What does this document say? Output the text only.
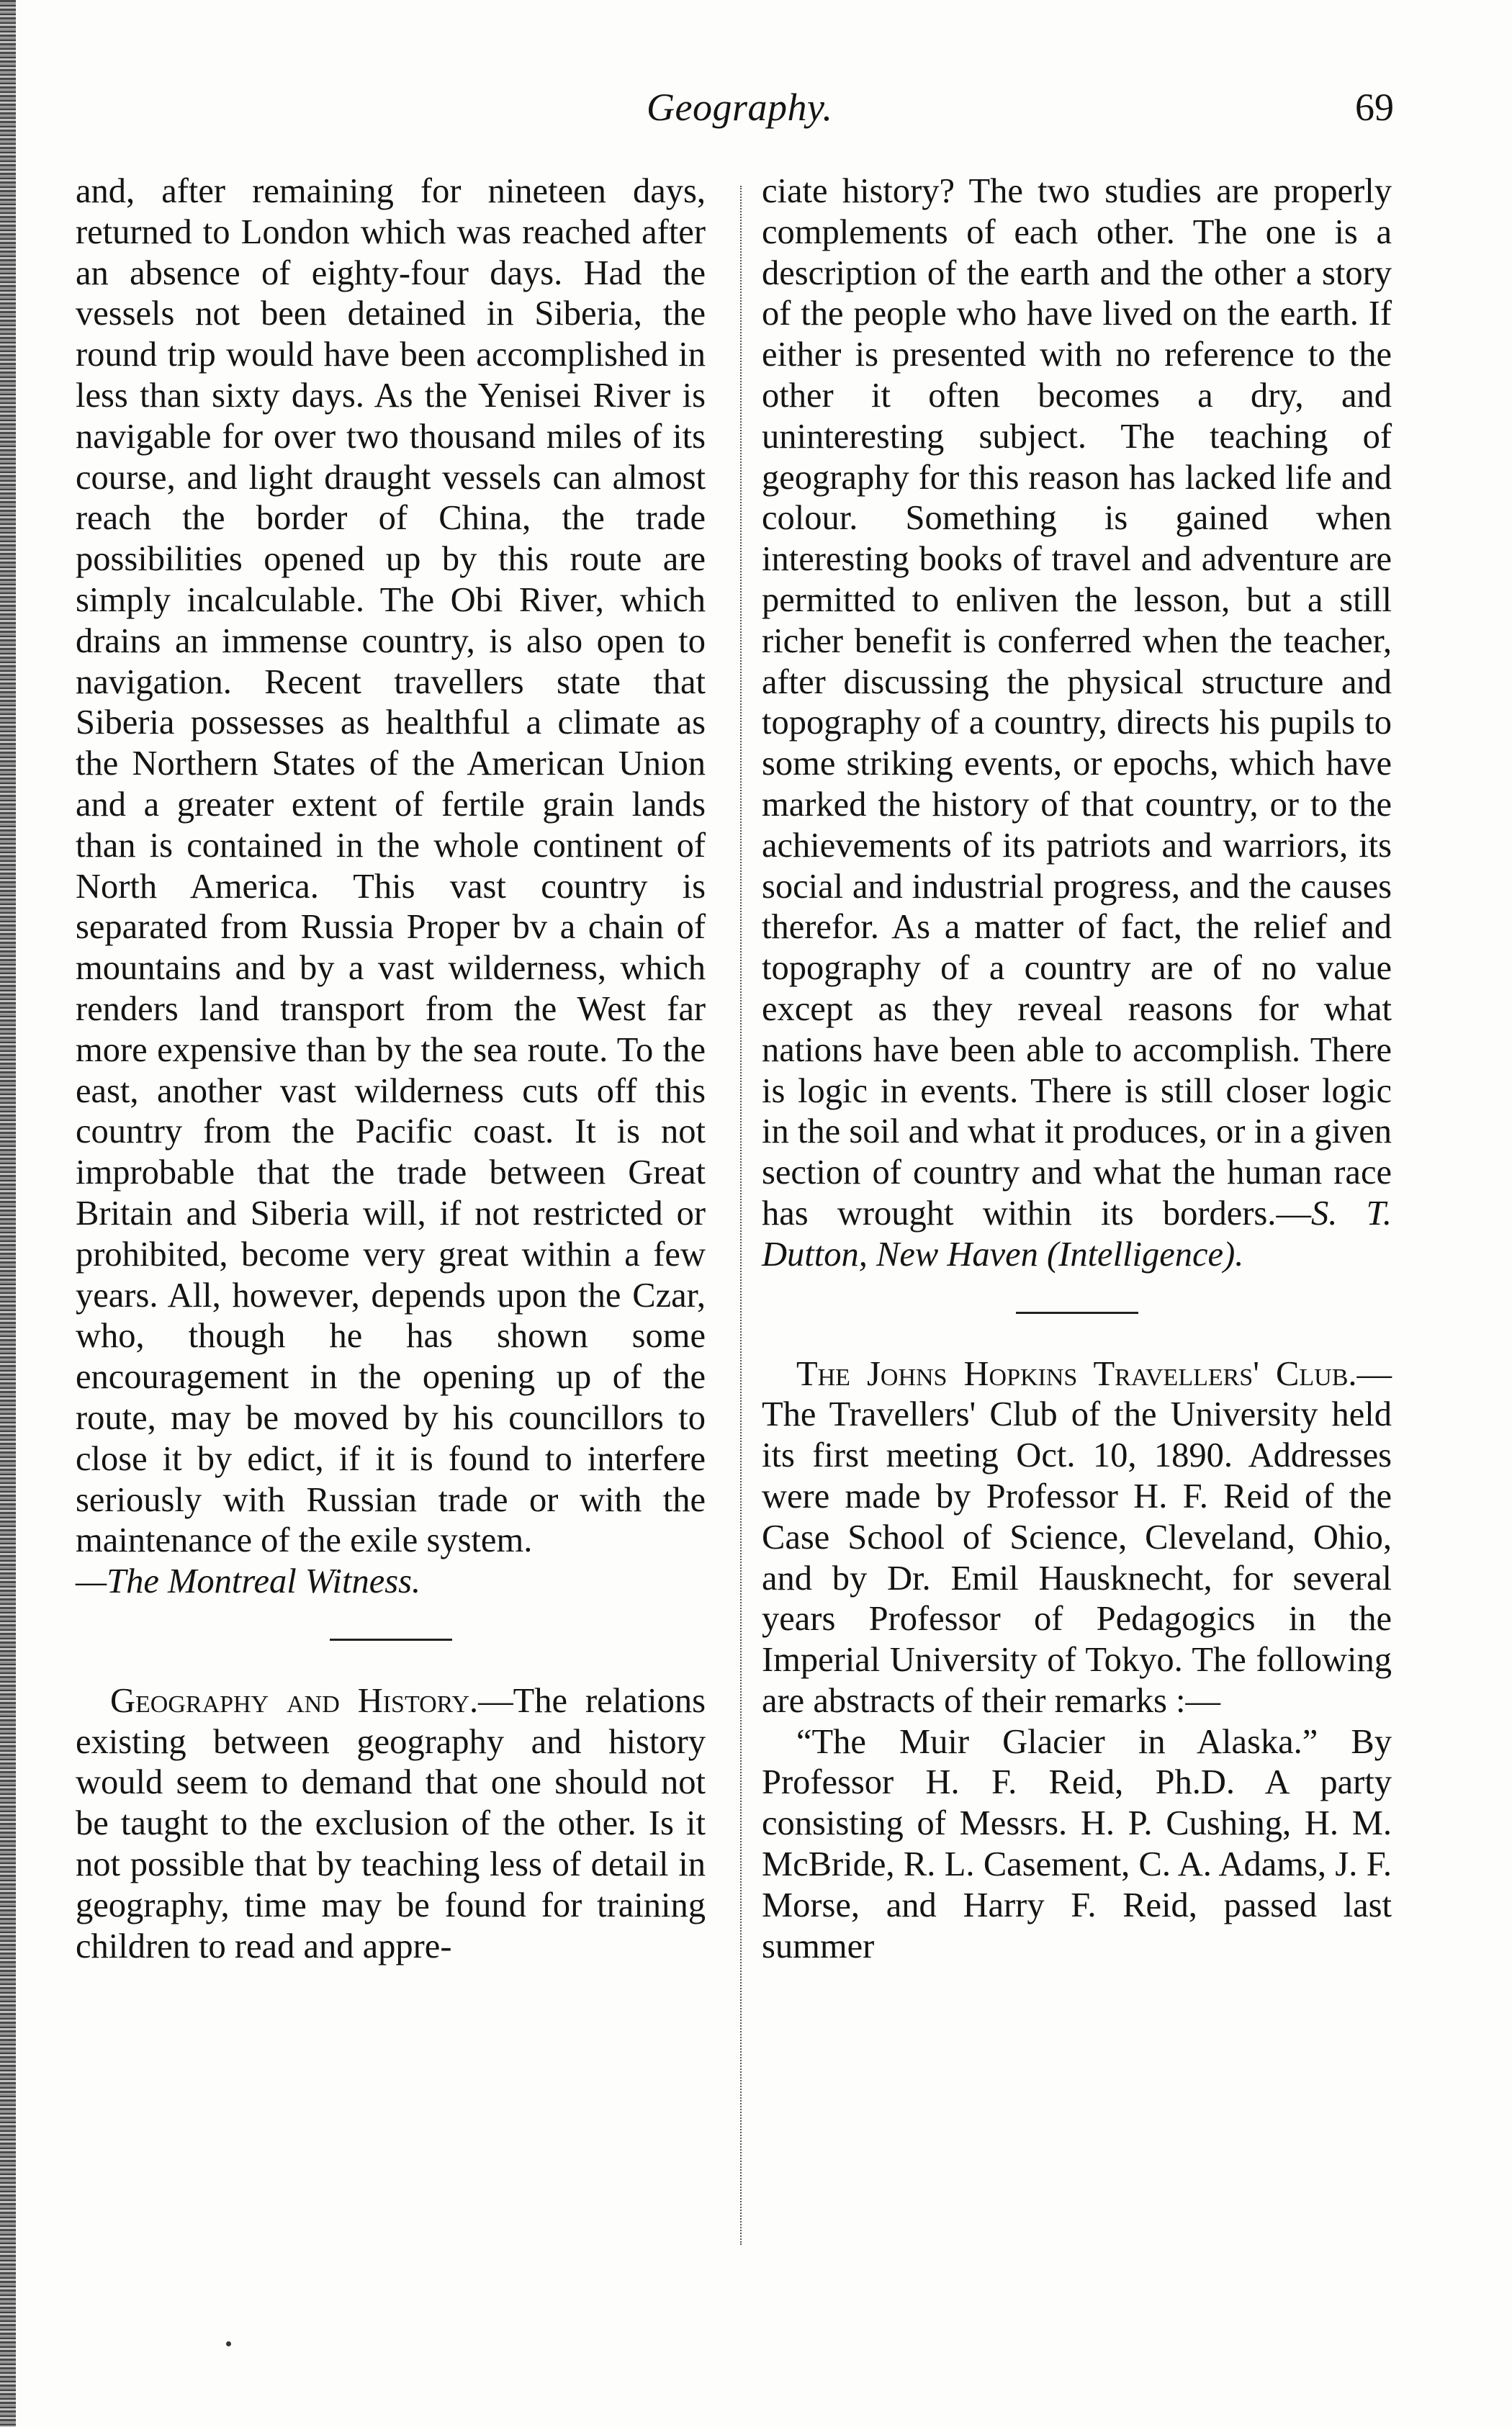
Geography.	69

and, after remaining for nineteen days, returned to London which was reached after an absence of eighty-four days. Had the vessels not been detained in Siberia, the round trip would have been accomplished in less than sixty days. As the Yenisei River is navigable for over two thousand miles of its course, and light draught vessels can almost reach the border of China, the trade possibilities opened up by this route are simply incalculable. The Obi River, which drains an immense country, is also open to navigation. Recent travellers state that Siberia possesses as healthful a climate as the Northern States of the American Union and a greater extent of fertile grain lands than is contained in the whole continent of North America. This vast country is separated from Russia Proper bv a chain of mountains and by a vast wilderness, which renders land transport from the West far more expensive than by the sea route. To the east, another vast wilderness cuts off this country from the Pacific coast. It is not improbable that the trade between Great Britain and Siberia will, if not restricted or prohibited, become very great within a few years. All, however, depends upon the Czar, who, though he has shown some encouragement in the opening up of the route, may be moved by his councillors to close it by edict, if it is found to interfere seriously with Russian trade or with the maintenance of the exile system.

—The Montreal Witness.

Geography and History.—The relations existing between geography and history would seem to demand that one should not be taught to the exclusion of the other. Is it not possible that by teaching less of detail in geography, time may be found for training children to read and appre-

ciate history? The two studies are properly complements of each other. The one is a description of the earth and the other a story of the people who have lived on the earth. If either is presented with no reference to the other it often becomes a dry, and uninteresting subject. The teaching of geography for this reason has lacked life and colour. Something is gained when interesting books of travel and adventure are permitted to enliven the lesson, but a still richer benefit is conferred when the teacher, after discussing the physical structure and topography of a country, directs his pupils to some striking events, or epochs, which have marked the history of that country, or to the achievements of its patriots and warriors, its social and industrial progress, and the causes therefor. As a matter of fact, the relief and topography of a country are of no value except as they reveal reasons for what nations have been able to accomplish. There is logic in events. There is still closer logic in the soil and what it produces, or in a given section of country and what the human race has wrought within its borders.—S. T. Dutton, New Haven (Intelligence).

The Johns Hopkins Travellers' Club.—The Travellers' Club of the University held its first meeting Oct. 10, 1890. Addresses were made by Professor H. F. Reid of the Case School of Science, Cleveland, Ohio, and by Dr. Emil Hausknecht, for several years Professor of Pedagogics in the Imperial University of Tokyo. The following are abstracts of their remarks :—

“The Muir Glacier in Alaska.” By Professor H. F. Reid, Ph.D. A party consisting of Messrs. H. P. Cushing, H. M. McBride, R. L. Casement, C. A. Adams, J. F. Morse, and Harry F. Reid, passed last summer
